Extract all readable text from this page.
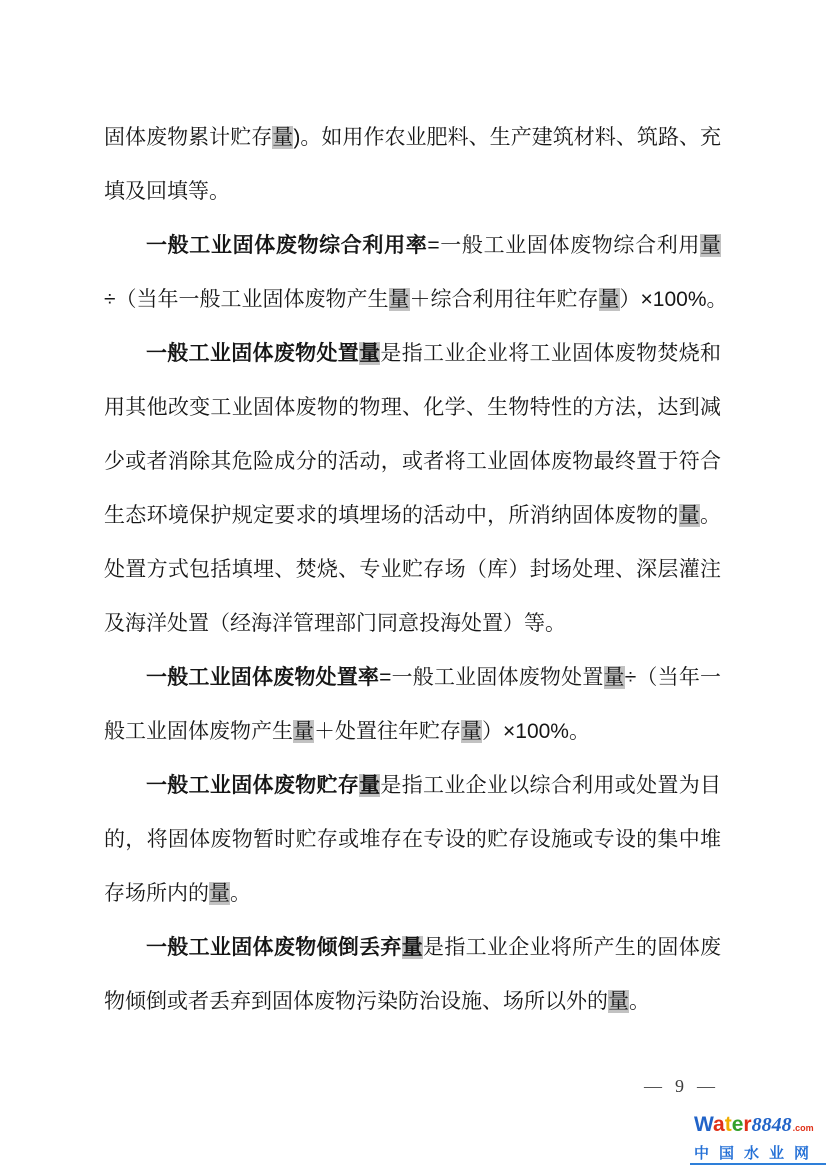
固体废物累计贮存量)。如用作农业肥料、生产建筑材料、筑路、充
填及回填等。
一般工业固体废物综合利用率=一般工业固体废物综合利用量
÷（当年一般工业固体废物产生量＋综合利用往年贮存量）×100%。
一般工业固体废物处置量是指工业企业将工业固体废物焚烧和
用其他改变工业固体废物的物理、化学、生物特性的方法，达到减
少或者消除其危险成分的活动，或者将工业固体废物最终置于符合
生态环境保护规定要求的填埋场的活动中，所消纳固体废物的量。
处置方式包括填埋、焚烧、专业贮存场（库）封场处理、深层灌注
及海洋处置（经海洋管理部门同意投海处置）等。
一般工业固体废物处置率=一般工业固体废物处置量÷（当年一
般工业固体废物产生量＋处置往年贮存量）×100%。
一般工业固体废物贮存量是指工业企业以综合利用或处置为目
的，将固体废物暂时贮存或堆存在专设的贮存设施或专设的集中堆
存场所内的量。
一般工业固体废物倾倒丢弃量是指工业企业将所产生的固体废
物倾倒或者丢弃到固体废物污染防治设施、场所以外的量。
— 9 —
Water 8848 .com
中国水业网
